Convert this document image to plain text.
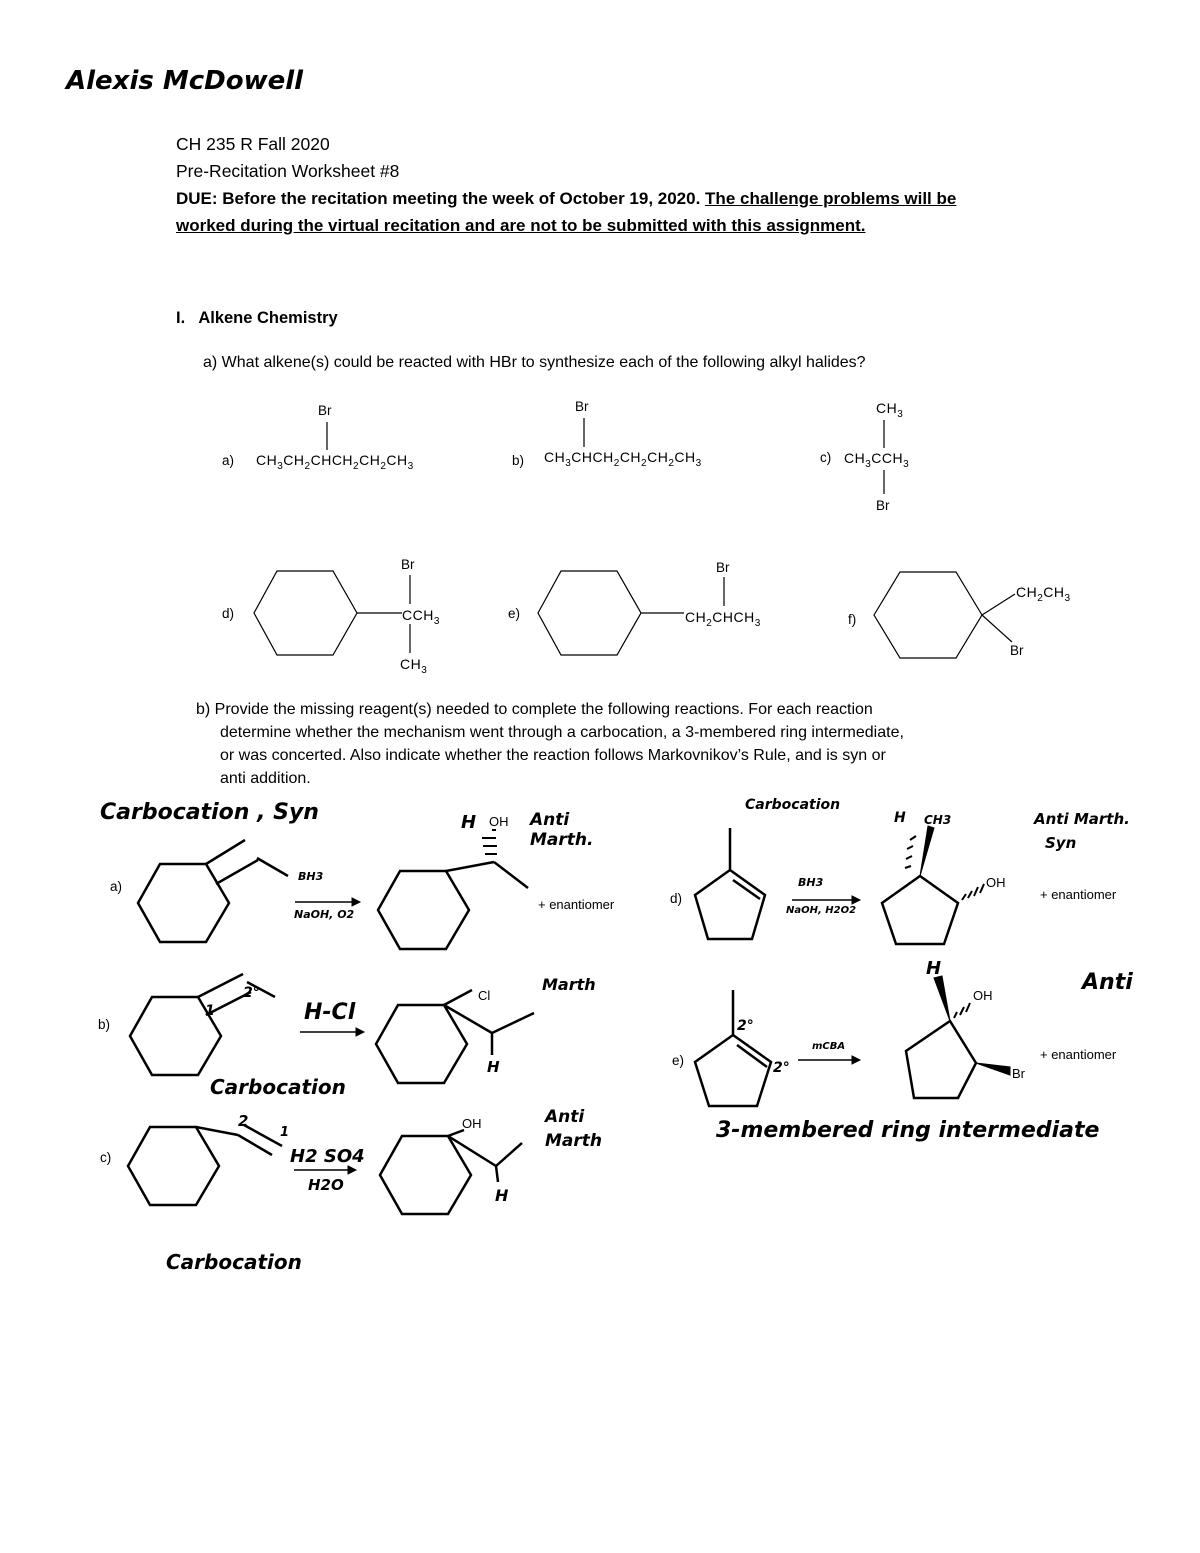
Alexis McDowell
CH 235 R Fall 2020
Pre-Recitation Worksheet #8
DUE: Before the recitation meeting the week of October 19, 2020. The challenge problems will be worked during the virtual recitation and are not to be submitted with this assignment.
I. Alkene Chemistry
a) What alkene(s) could be reacted with HBr to synthesize each of the following alkyl halides?
a)
Br
$CH_3CH_2CHCH_2CH_2CH_3$	b)
Br
$CH_3CHCH_2CH_2CH_2CH_3$	c)
$CH_3$
$CH_3CCH_3$
Br
d)
Br
$CCH_3$
$CH_3$
e)
Br
$CH_2CHCH_3$	f)
$CH_2CH_3$
Br
b) Provide the missing reagent(s) needed to complete the following reactions. For each reaction
determine whether the mechanism went through a carbocation, a 3-membered ring intermediate,
or was concerted. Also indicate whether the reaction follows Markovnikov’s Rule, and is syn or
anti addition.
a)
OH
+ enantiomer
b)
Cl
c)
OH
d)
OH
+ enantiomer
e)
OH
Br
+ enantiomer
Carbocation , Syn
BH3
NaOH, O2
H	Anti Marth.
1
2°
H-Cl
Carbocation
Marth
H
2
1
H2 SO4
H2O
Anti Marth
H
Carbocation
Carbocation
BH3
NaOH, H2O2
H CH3	Anti Marth.
Syn
2°
2°
mCBA
H
Anti
3-membered ring intermediate
